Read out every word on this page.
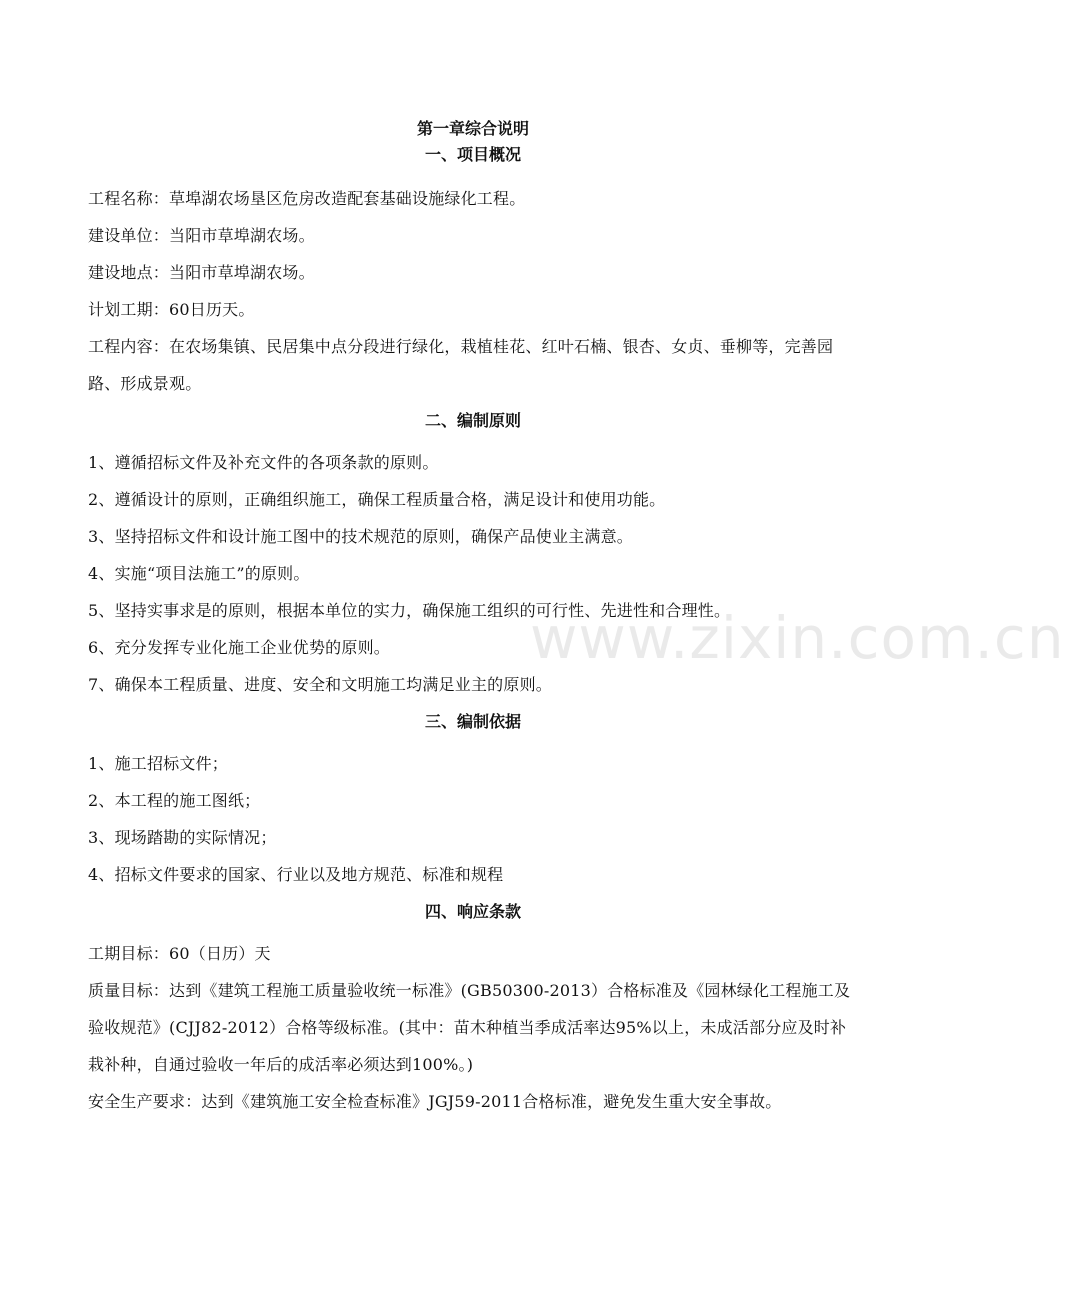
第一章综合说明
一、项目概况

工程名称：草埠湖农场垦区危房改造配套基础设施绿化工程。

建设单位：当阳市草埠湖农场。

建设地点：当阳市草埠湖农场。

计划工期：60日历天。

工程内容：在农场集镇、民居集中点分段进行绿化，栽植桂花、红叶石楠、银杏、女贞、垂柳等，完善园路、形成景观。

二、编制原则

1、遵循招标文件及补充文件的各项条款的原则。

2、遵循设计的原则，正确组织施工，确保工程质量合格，满足设计和使用功能。

3、坚持招标文件和设计施工图中的技术规范的原则，确保产品使业主满意。

4、实施“项目法施工”的原则。

5、坚持实事求是的原则，根据本单位的实力，确保施工组织的可行性、先进性和合理性。

6、充分发挥专业化施工企业优势的原则。

7、确保本工程质量、进度、安全和文明施工均满足业主的原则。

三、编制依据

1、施工招标文件；

2、本工程的施工图纸；

3、现场踏勘的实际情况；

4、招标文件要求的国家、行业以及地方规范、标准和规程

四、响应条款

工期目标：60（日历）天

质量目标：达到《建筑工程施工质量验收统一标准》(GB50300-2013）合格标准及《园林绿化工程施工及验收规范》(CJJ82-2012）合格等级标准。(其中：苗木种植当季成活率达95%以上，未成活部分应及时补栽补种，自通过验收一年后的成活率必须达到100%。)

安全生产要求：达到《建筑施工安全检查标准》JGJ59-2011合格标准，避免发生重大安全事故。

www.zixin.com.cn
